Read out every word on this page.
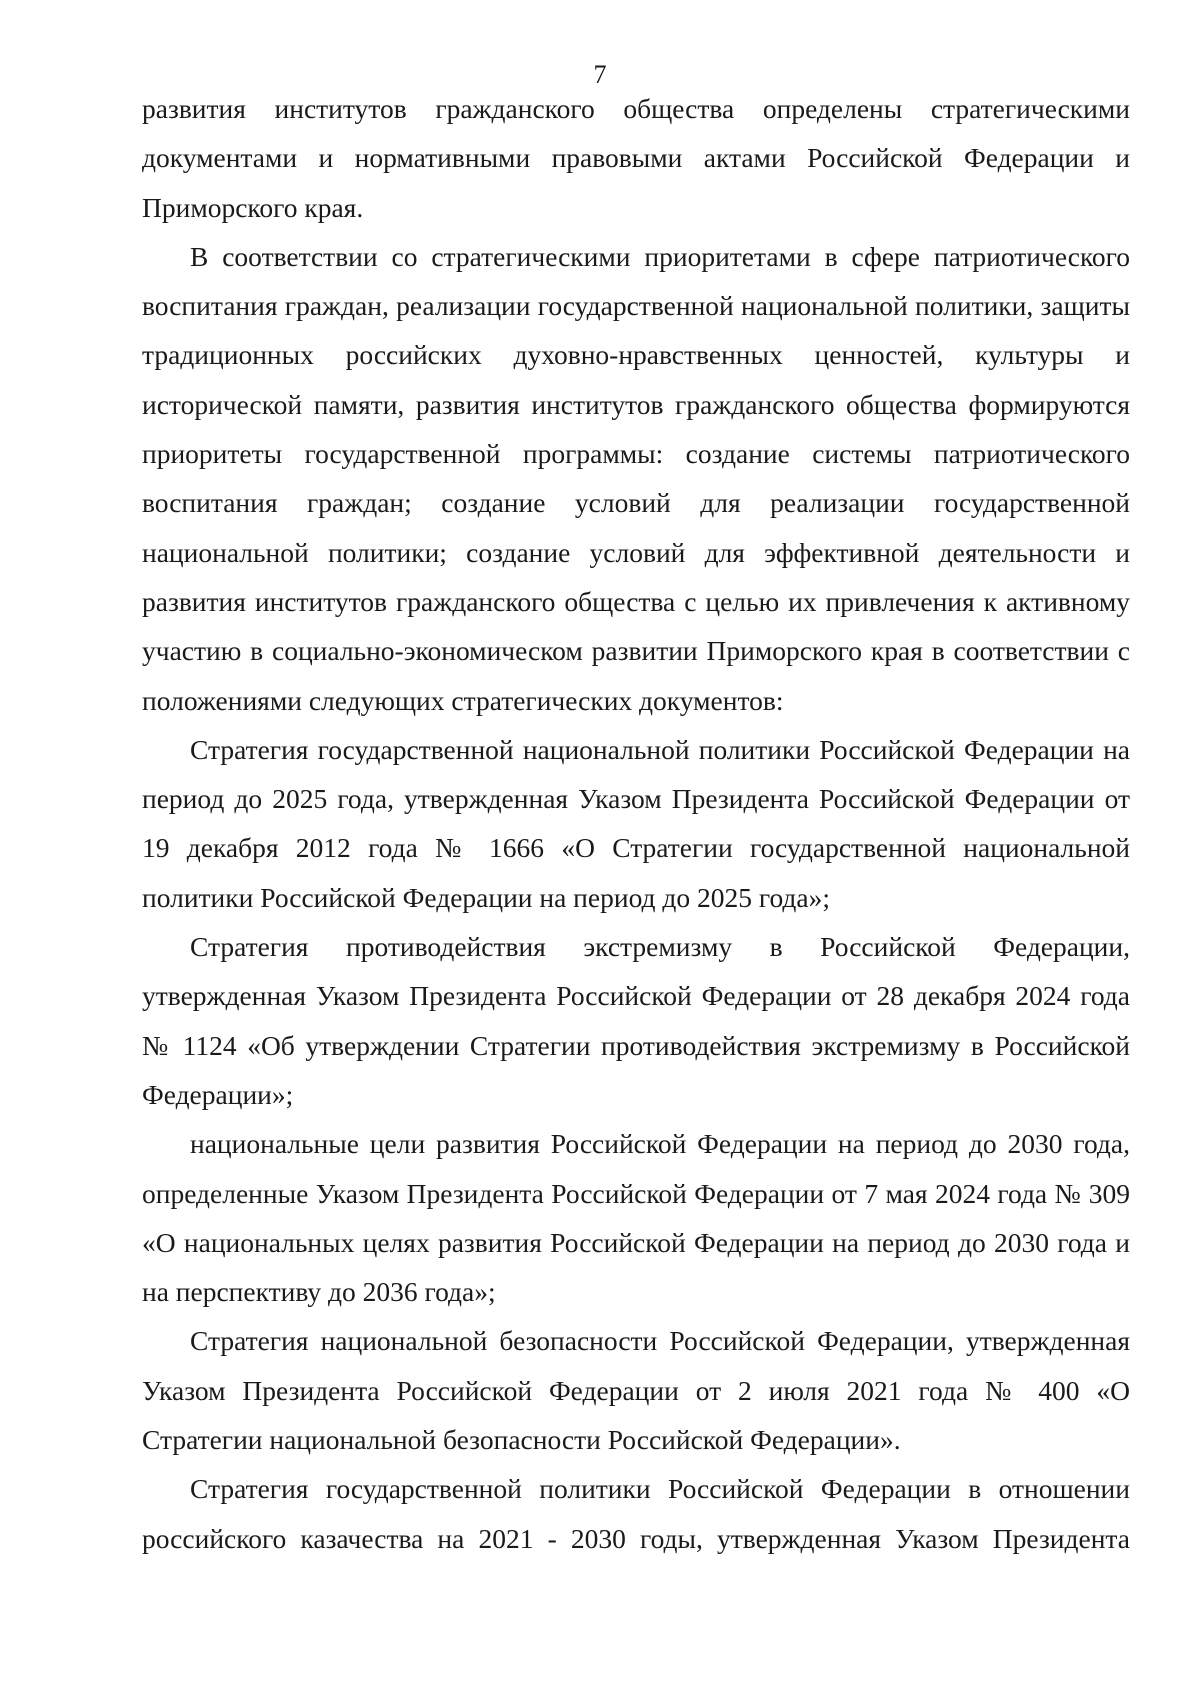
7

развития институтов гражданского общества определены стратегическими документами и нормативными правовыми актами Российской Федерации и Приморского края.

В соответствии со стратегическими приоритетами в сфере патриотического воспитания граждан, реализации государственной национальной политики, защиты традиционных российских духовно-нравственных ценностей, культуры и исторической памяти, развития институтов гражданского общества формируются приоритеты государственной программы: создание системы патриотического воспитания граждан; создание условий для реализации государственной национальной политики; создание условий для эффективной деятельности и развития институтов гражданского общества с целью их привлечения к активному участию в социально-экономическом развитии Приморского края в соответствии с положениями следующих стратегических документов:

Стратегия государственной национальной политики Российской Федерации на период до 2025 года, утвержденная Указом Президента Российской Федерации от 19 декабря 2012 года № 1666 «О Стратегии государственной национальной политики Российской Федерации на период до 2025 года»;

Стратегия противодействия экстремизму в Российской Федерации, утвержденная Указом Президента Российской Федерации от 28 декабря 2024 года № 1124 «Об утверждении Стратегии противодействия экстремизму в Российской Федерации»;

национальные цели развития Российской Федерации на период до 2030 года, определенные Указом Президента Российской Федерации от 7 мая 2024 года № 309 «О национальных целях развития Российской Федерации на период до 2030 года и на перспективу до 2036 года»;

Стратегия национальной безопасности Российской Федерации, утвержденная Указом Президента Российской Федерации от 2 июля 2021 года № 400 «О Стратегии национальной безопасности Российской Федерации».

Стратегия государственной политики Российской Федерации в отношении российского казачества на 2021 - 2030 годы, утвержденная Указом Президента
